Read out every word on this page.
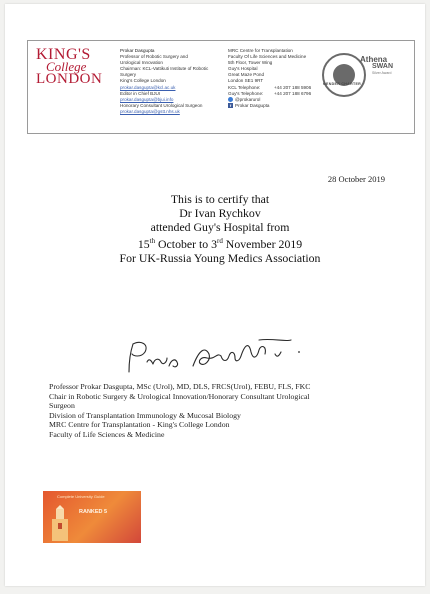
KING'S
College
LONDON
Prokar Dasgupta
Professor of Robotic Surgery and
Urological Innovation
Chairman: KCL-Vattikuti Institute of Robotic
Surgery
King's College London
prokar.dasgupta@kcl.ac.uk
Editor in Chief BJUI
prokar.dasgupta@bjui.info
Honorary Consultant Urological Surgeon
prokar.dasgupta@gstt.nhs.uk
MRC Centre for Transplantation
Faculty Of Life Sciences and Medicine
5th Floor, Tower Wing
Guy's Hospital
Great Maze Pond
London SE1 9RT
KCL Telephone:	+44 207 188 5906
Guy's Telephone:	+44 207 188 6796
@prokarurol
f Prokar Dasgupta
GENDER CHARTER
Athena
SWAN
Silver Award
28 October 2019
This is to certify that
Dr Ivan Rychkov
attended Guy's Hospital from
15th October to 3rd November 2019
For UK-Russia Young Medics Association
Professor Prokar Dasgupta, MSc (Urol), MD, DLS, FRCS(Urol), FEBU, FLS, FKC
Chair in Robotic Surgery & Urological Innovation/Honorary Consultant Urological
Surgeon
Division of Transplantation Immunology & Mucosal Biology
MRC Centre for Transplantation - King's College London
Faculty of Life Sciences & Medicine
Complete University Guide
RANKED 5
